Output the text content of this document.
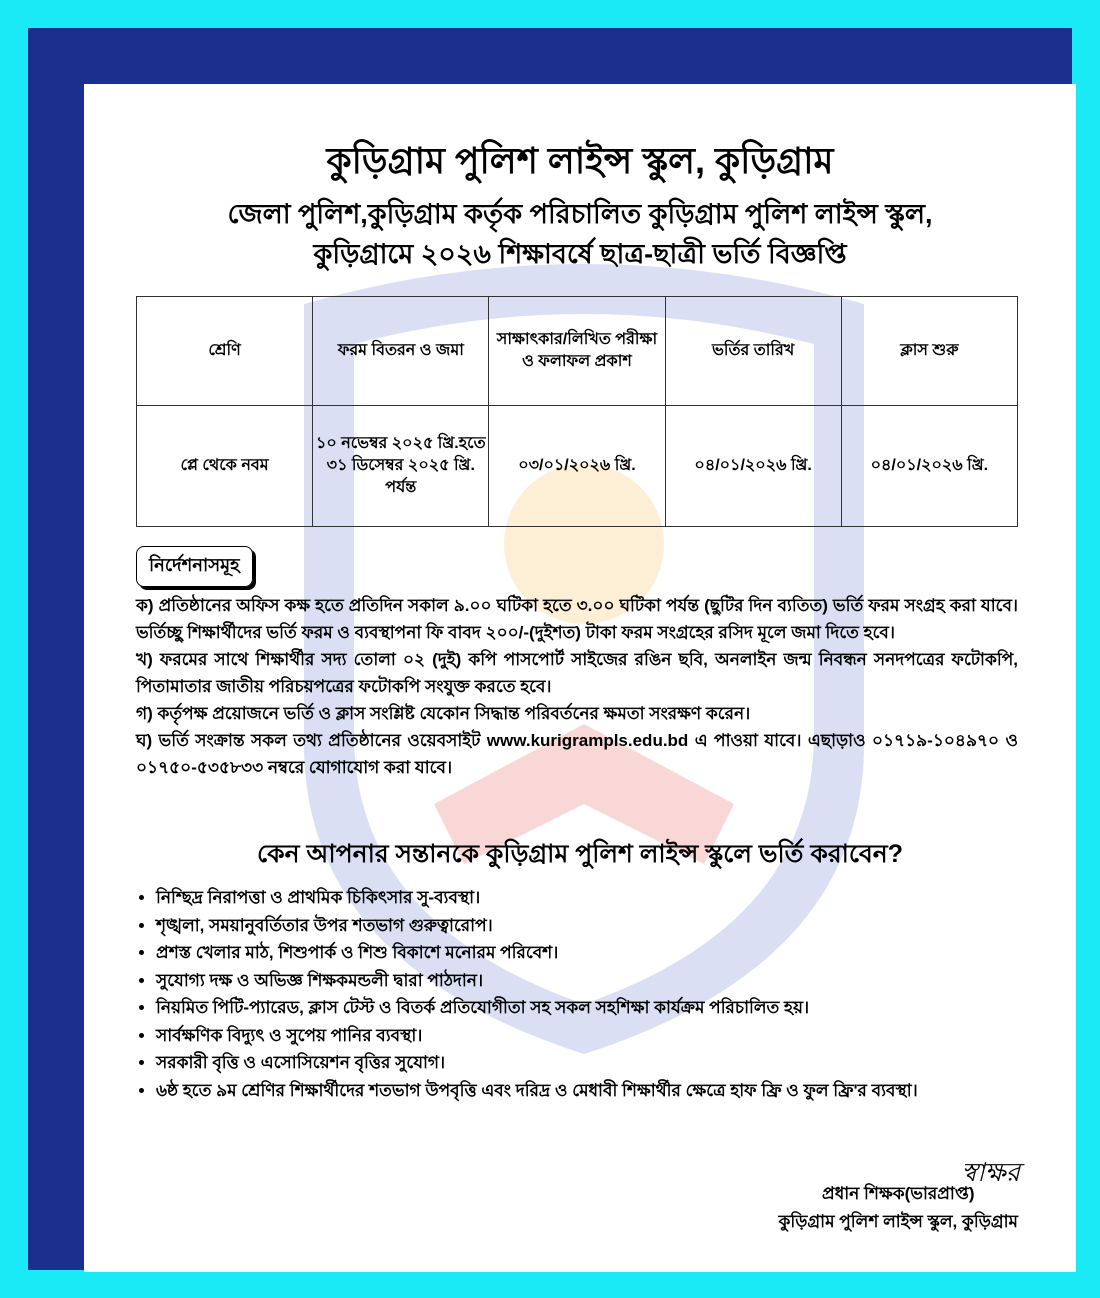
কুড়িগ্রাম পুলিশ লাইন্স স্কুল, কুড়িগ্রাম
জেলা পুলিশ,কুড়িগ্রাম কর্তৃক পরিচালিত কুড়িগ্রাম পুলিশ লাইন্স স্কুল,
কুড়িগ্রামে ২০২৬ শিক্ষাবর্ষে ছাত্র-ছাত্রী ভর্তি বিজ্ঞপ্তি
শ্রেণি	ফরম বিতরন ও জমা	সাক্ষাৎকার/লিখিত পরীক্ষা ও ফলাফল প্রকাশ	ভর্তির তারিখ	ক্লাস শুরু
প্লে থেকে নবম	১০ নভেম্বর ২০২৫ খ্রি.হতে ৩১ ডিসেম্বর ২০২৫ খ্রি. পর্যন্ত	০৩/০১/২০২৬ খ্রি.	০৪/০১/২০২৬ খ্রি.	০৪/০১/২০২৬ খ্রি.
নির্দেশনাসমূহ

ক) প্রতিষ্ঠানের অফিস কক্ষ হতে প্রতিদিন সকাল ৯.০০ ঘটিকা হতে ৩.০০ ঘটিকা পর্যন্ত (ছুটির দিন ব্যতিত) ভর্তি ফরম সংগ্রহ করা যাবে। ভর্তিচ্ছু শিক্ষার্থীদের ভর্তি ফরম ও ব্যবস্থাপনা ফি বাবদ ২০০/-(দুইশত) টাকা ফরম সংগ্রহের রসিদ মূলে জমা দিতে হবে।

খ) ফরমের সাথে শিক্ষার্থীর সদ্য তোলা ০২ (দুই) কপি পাসপোর্ট সাইজের রঙিন ছবি, অনলাইন জন্ম নিবন্ধন সনদপত্রের ফটোকপি, পিতামাতার জাতীয় পরিচয়পত্রের ফটোকপি সংযুক্ত করতে হবে।

গ) কর্তৃপক্ষ প্রয়োজনে ভর্তি ও ক্লাস সংশ্লিষ্ট যেকোন সিদ্ধান্ত পরিবর্তনের ক্ষমতা সংরক্ষণ করেন।

ঘ) ভর্তি সংক্রান্ত সকল তথ্য প্রতিষ্ঠানের ওয়েবসাইট www.kurigrampls.edu.bd এ পাওয়া যাবে। এছাড়াও ০১৭১৯-১০৪৯৭০ ও ০১৭৫০-৫৩৫৮৩৩ নম্বরে যোগাযোগ করা যাবে।

কেন আপনার সন্তানকে কুড়িগ্রাম পুলিশ লাইন্স স্কুলে ভর্তি করাবেন?
• নিশ্ছিদ্র নিরাপত্তা ও প্রাথমিক চিকিৎসার সু-ব্যবস্থা।
• শৃঙ্খলা, সময়ানুবর্তিতার উপর শতভাগ গুরুত্বারোপ।
• প্রশস্ত খেলার মাঠ, শিশুপার্ক ও শিশু বিকাশে মনোরম পরিবেশ।
• সুযোগ্য দক্ষ ও অভিজ্ঞ শিক্ষকমন্ডলী দ্বারা পাঠদান।
• নিয়মিত পিটি-প্যারেড, ক্লাস টেস্ট ও বিতর্ক প্রতিযোগীতা সহ সকল সহশিক্ষা কার্যক্রম পরিচালিত হয়।
• সার্বক্ষণিক বিদ্যুৎ ও সুপেয় পানির ব্যবস্থা।
• সরকারী বৃত্তি ও এসোসিয়েশন বৃত্তির সুযোগ।
• ৬ষ্ঠ হতে ৯ম শ্রেণির শিক্ষার্থীদের শতভাগ উপবৃত্তি এবং দরিদ্র ও মেধাবী শিক্ষার্থীর ক্ষেত্রে হাফ ফ্রি ও ফুল ফ্রি'র ব্যবস্থা।
স্বাক্ষর
প্রধান শিক্ষক(ভারপ্রাপ্ত)
কুড়িগ্রাম পুলিশ লাইন্স স্কুল, কুড়িগ্রাম
